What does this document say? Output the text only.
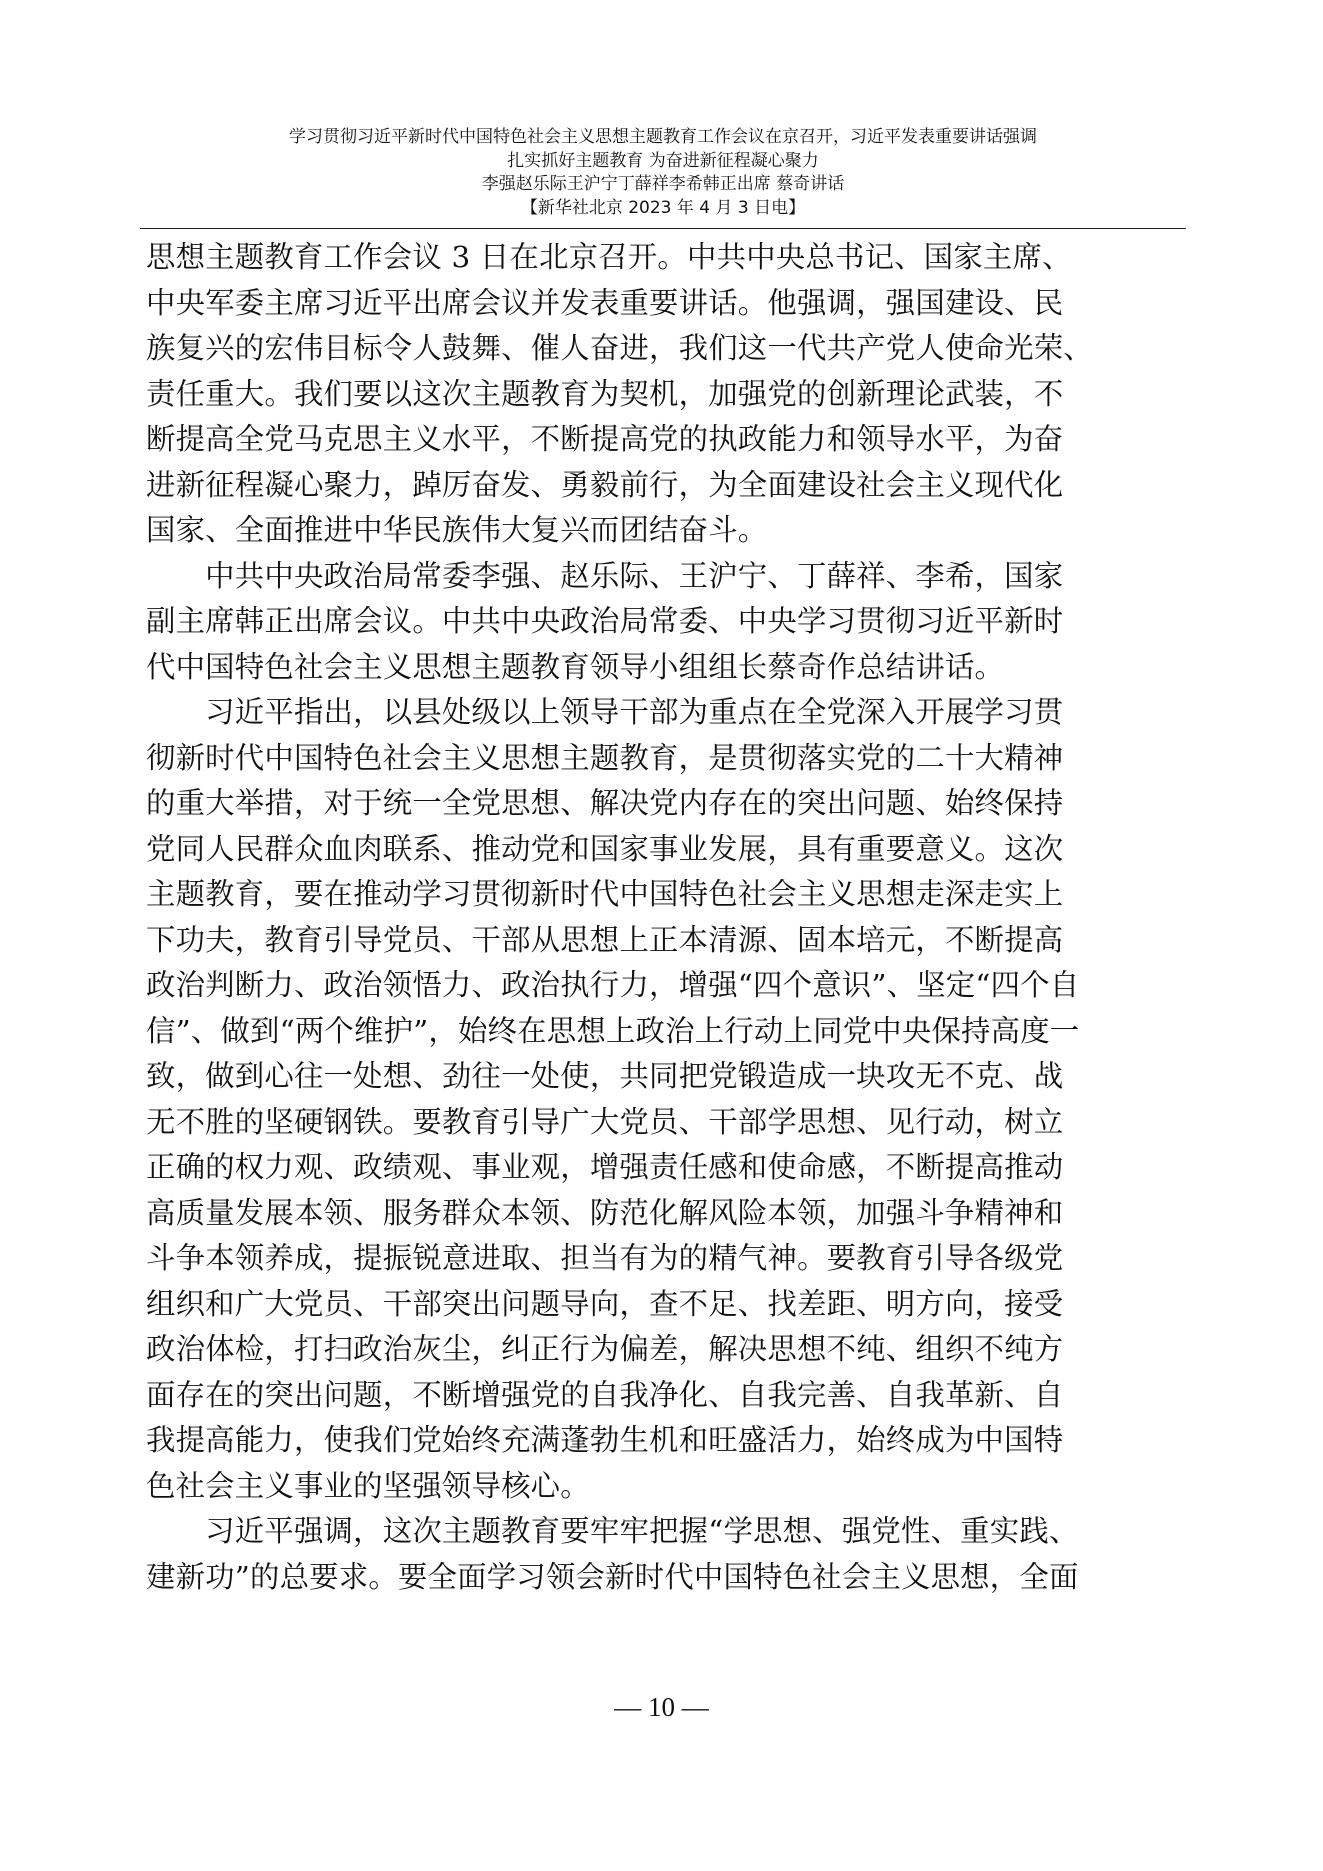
学习贯彻习近平新时代中国特色社会主义思想主题教育工作会议在京召开，习近平发表重要讲话强调
扎实抓好主题教育 为奋进新征程凝心聚力
李强赵乐际王沪宁丁薛祥李希韩正出席 蔡奇讲话
【新华社北京 2023 年 4 月 3 日电】
思想主题教育工作会议 3 日在北京召开。中共中央总书记、国家主席、
中央军委主席习近平出席会议并发表重要讲话。他强调，强国建设、民
族复兴的宏伟目标令人鼓舞、催人奋进，我们这一代共产党人使命光荣、
责任重大。我们要以这次主题教育为契机，加强党的创新理论武装，不
断提高全党马克思主义水平，不断提高党的执政能力和领导水平，为奋
进新征程凝心聚力，踔厉奋发、勇毅前行，为全面建设社会主义现代化
国家、全面推进中华民族伟大复兴而团结奋斗。
　　中共中央政治局常委李强、赵乐际、王沪宁、丁薛祥、李希，国家
副主席韩正出席会议。中共中央政治局常委、中央学习贯彻习近平新时
代中国特色社会主义思想主题教育领导小组组长蔡奇作总结讲话。
　　习近平指出，以县处级以上领导干部为重点在全党深入开展学习贯
彻新时代中国特色社会主义思想主题教育，是贯彻落实党的二十大精神
的重大举措，对于统一全党思想、解决党内存在的突出问题、始终保持
党同人民群众血肉联系、推动党和国家事业发展，具有重要意义。这次
主题教育，要在推动学习贯彻新时代中国特色社会主义思想走深走实上
下功夫，教育引导党员、干部从思想上正本清源、固本培元，不断提高
政治判断力、政治领悟力、政治执行力，增强“四个意识”、坚定“四个自
信”、做到“两个维护”，始终在思想上政治上行动上同党中央保持高度一
致，做到心往一处想、劲往一处使，共同把党锻造成一块攻无不克、战
无不胜的坚硬钢铁。要教育引导广大党员、干部学思想、见行动，树立
正确的权力观、政绩观、事业观，增强责任感和使命感，不断提高推动
高质量发展本领、服务群众本领、防范化解风险本领，加强斗争精神和
斗争本领养成，提振锐意进取、担当有为的精气神。要教育引导各级党
组织和广大党员、干部突出问题导向，查不足、找差距、明方向，接受
政治体检，打扫政治灰尘，纠正行为偏差，解决思想不纯、组织不纯方
面存在的突出问题，不断增强党的自我净化、自我完善、自我革新、自
我提高能力，使我们党始终充满蓬勃生机和旺盛活力，始终成为中国特
色社会主义事业的坚强领导核心。
　　习近平强调，这次主题教育要牢牢把握“学思想、强党性、重实践、
建新功”的总要求。要全面学习领会新时代中国特色社会主义思想，全面
— 10 —
